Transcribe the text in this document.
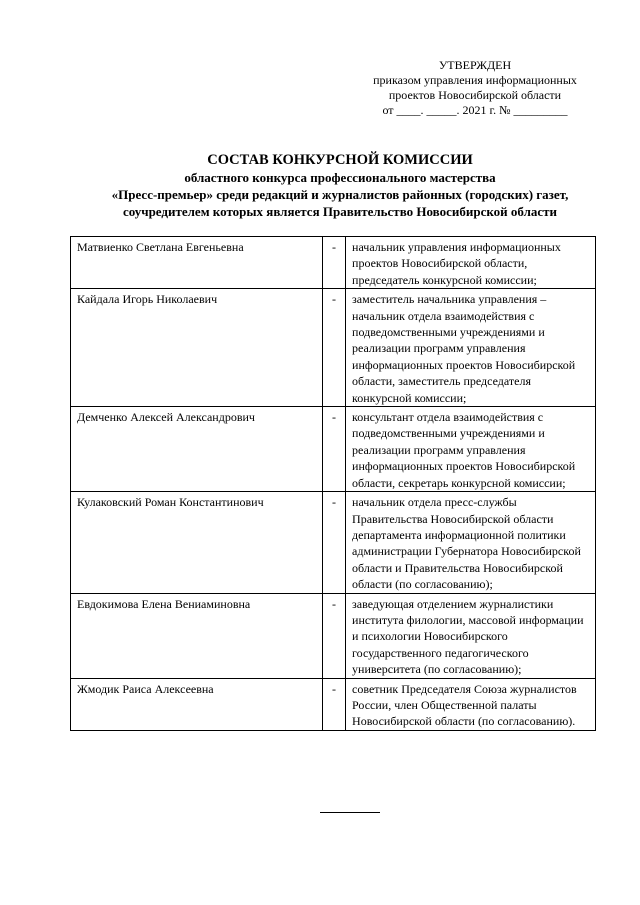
УТВЕРЖДЕН
приказом управления информационных
проектов Новосибирской области
от ____. _____. 2021 г. № _________
СОСТАВ КОНКУРСНОЙ КОМИССИИ
областного конкурса профессионального мастерства
«Пресс-премьер» среди редакций и журналистов районных (городских) газет,
соучредителем которых является Правительство Новосибирской области
Матвиенко Светлана Евгеньевна	-	начальник управления информационных проектов Новосибирской области, председатель конкурсной комиссии;
Кайдала Игорь Николаевич	-	заместитель начальника управления – начальник отдела взаимодействия с подведомственными учреждениями и реализации программ управления информационных проектов Новосибирской области, заместитель председателя конкурсной комиссии;
Демченко Алексей Александрович	-	консультант отдела взаимодействия с подведомственными учреждениями и реализации программ управления информационных проектов Новосибирской области, секретарь конкурсной комиссии;
Кулаковский Роман Константинович	-	начальник отдела пресс-службы Правительства Новосибирской области департамента информационной политики администрации Губернатора Новосибирской области и Правительства Новосибирской области (по согласованию);
Евдокимова Елена Вениаминовна	-	заведующая отделением журналистики института филологии, массовой информации и психологии Новосибирского государственного педагогического университета (по согласованию);
Жмодик Раиса Алексеевна	-	советник Председателя Союза журналистов России, член Общественной палаты Новосибирской области (по согласованию).
